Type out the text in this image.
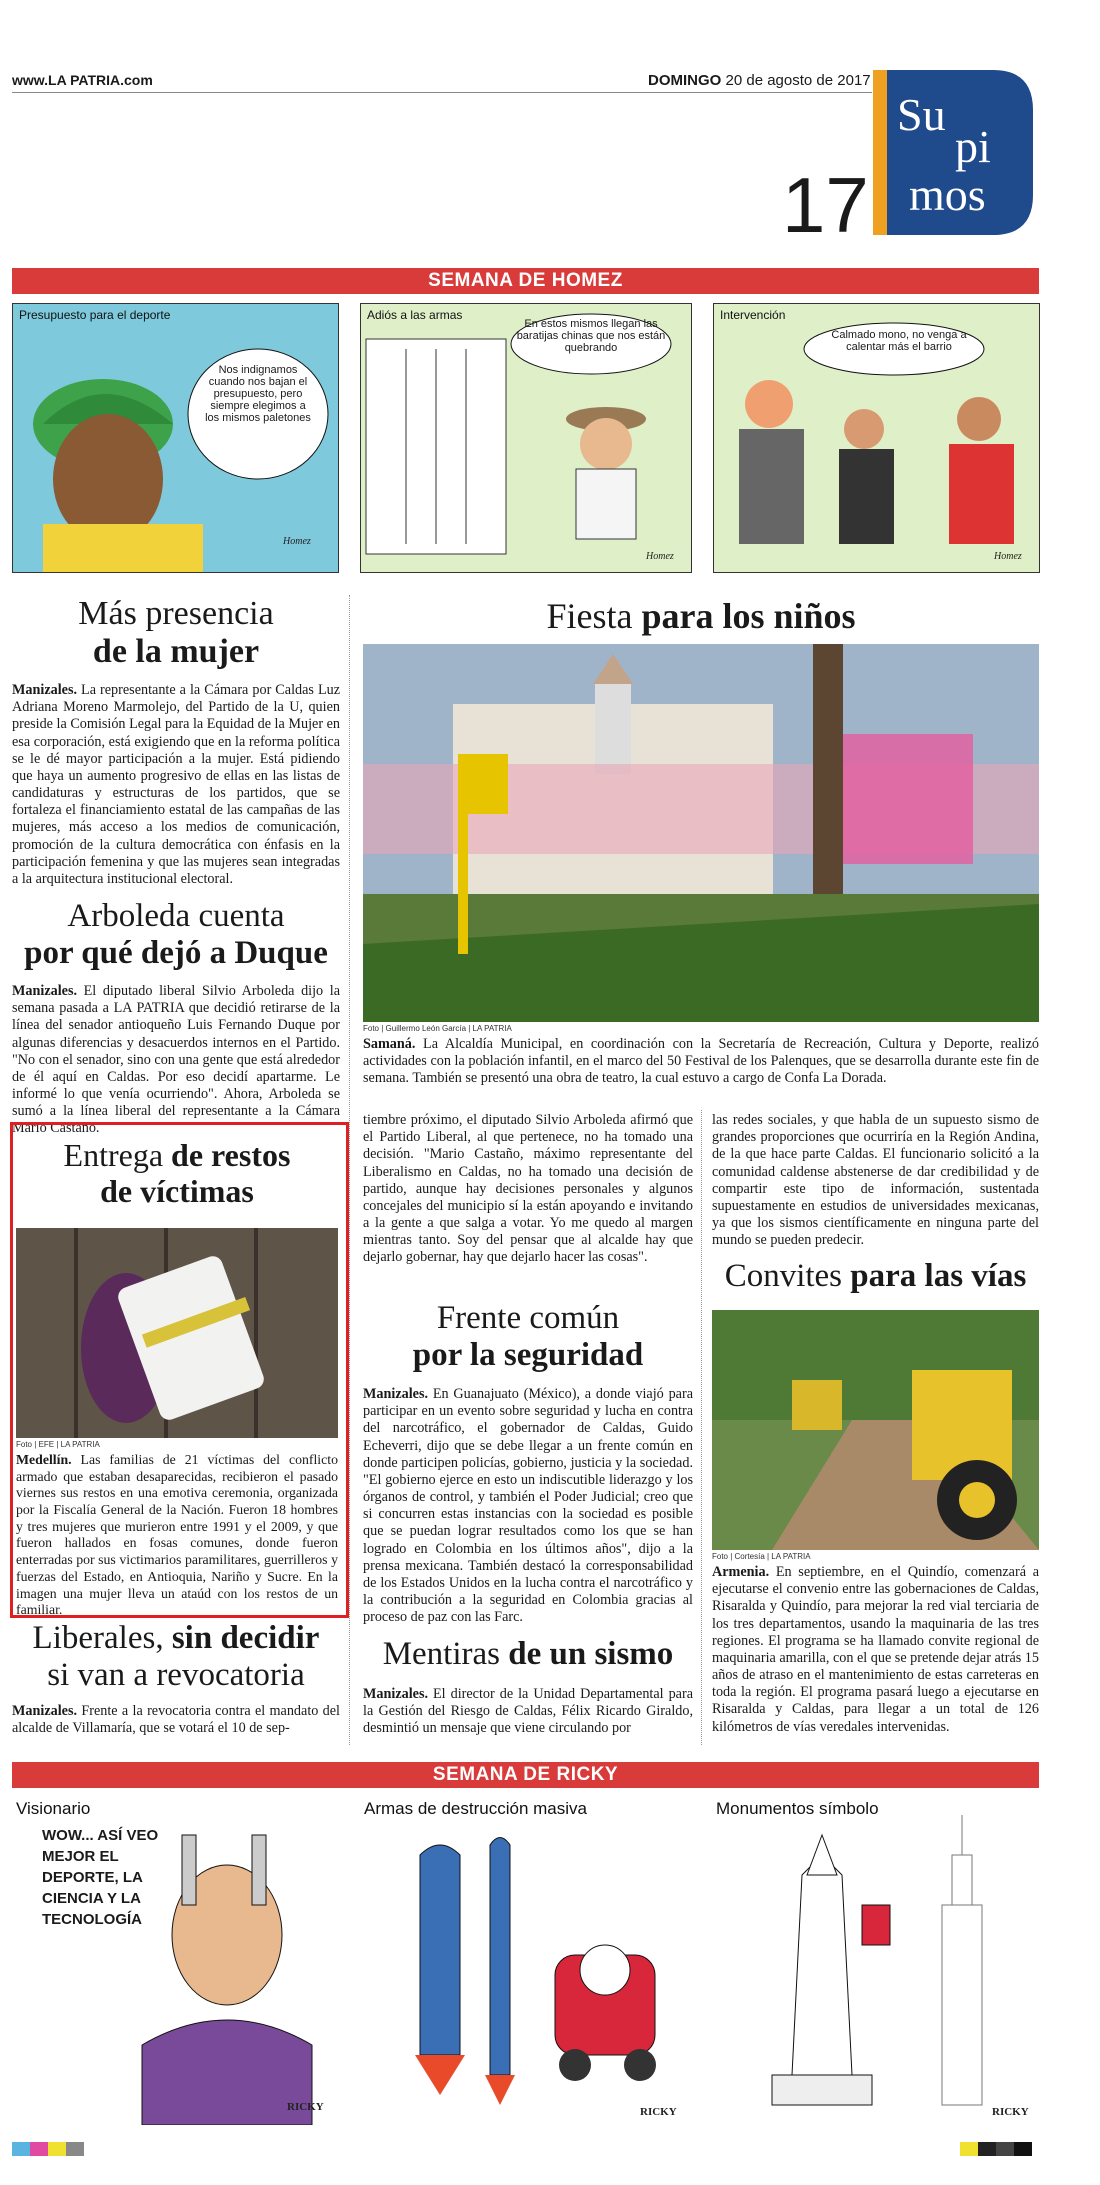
www.LA PATRIA.com	DOMINGO 20 de agosto de 2017
17
Su
pi
mos
SEMANA DE HOMEZ
Presupuesto para el deporte
Homez
Nos indignamos cuando nos bajan el presupuesto, pero siempre elegimos a los mismos paletones
Adiós a las armas
Homez
En estos mismos llegan las baratijas chinas que nos están quebrando
Intervención
Homez
Calmado mono, no venga a calentar más el barrio
Más presencia
de la mujer
Manizales. La representante a la Cámara por Caldas Luz Adriana Moreno Marmolejo, del Partido de la U, quien preside la Comisión Legal para la Equidad de la Mujer en esa corporación, está exigiendo que en la reforma política se le dé mayor participación a la mujer. Está pidiendo que haya un aumento progresivo de ellas en las listas de candidaturas y estructuras de los partidos, que se fortaleza el financiamiento estatal de las campañas de las mujeres, más acceso a los medios de comunicación, promoción de la cultura democrática con énfasis en la participación femenina y que las mujeres sean integradas a la arquitectura institucional electoral.
Arboleda cuenta
por qué dejó a Duque
Manizales. El diputado liberal Silvio Arboleda dijo la semana pasada a LA PATRIA que decidió retirarse de la línea del senador antioqueño Luis Fernando Duque por algunas diferencias y desacuerdos internos en el Partido. "No con el senador, sino con una gente que está alrededor de él aquí en Caldas. Por eso decidí apartarme. Le informé lo que venía ocurriendo". Ahora, Arboleda se sumó a la línea liberal del representante a la Cámara Mario Castaño.
Fiesta para los niños
Foto | Guillermo León García | LA PATRIA
Samaná. La Alcaldía Municipal, en coordinación con la Secretaría de Recreación, Cultura y Deporte, realizó actividades con la población infantil, en el marco del 50 Festival de los Palenques, que se desarrolla durante este fin de semana. También se presentó una obra de teatro, la cual estuvo a cargo de Confa La Dorada.
Entrega de restos
de víctimas
Foto | EFE | LA PATRIA
Medellín. Las familias de 21 víctimas del conflicto armado que estaban desaparecidas, recibieron el pasado viernes sus restos en una emotiva ceremonia, organizada por la Fiscalía General de la Nación. Fueron 18 hombres y tres mujeres que murieron entre 1991 y el 2009, y que fueron hallados en fosas comunes, donde fueron enterradas por sus victimarios paramilitares, guerrilleros y fuerzas del Estado, en Antioquia, Nariño y Sucre. En la imagen una mujer lleva un ataúd con los restos de un familiar.
Liberales, sin decidir
si van a revocatoria
Manizales. Frente a la revocatoria contra el mandato del alcalde de Villamaría, que se votará el 10 de sep-
tiembre próximo, el diputado Silvio Arboleda afirmó que el Partido Liberal, al que pertenece, no ha tomado una decisión. "Mario Castaño, máximo representante del Liberalismo en Caldas, no ha tomado una decisión de partido, aunque hay decisiones personales y algunos concejales del municipio sí la están apoyando e invitando a la gente a que salga a votar. Yo me quedo al margen mientras tanto. Soy del pensar que al alcalde hay que dejarlo gobernar, hay que dejarlo hacer las cosas".
Frente común
por la seguridad
Manizales. En Guanajuato (México), a donde viajó para participar en un evento sobre seguridad y lucha en contra del narcotráfico, el gobernador de Caldas, Guido Echeverri, dijo que se debe llegar a un frente común en donde participen policías, gobierno, justicia y la sociedad. "El gobierno ejerce en esto un indiscutible liderazgo y los órganos de control, y también el Poder Judicial; creo que si concurren estas instancias con la sociedad es posible que se puedan lograr resultados como los que se han logrado en Colombia en los últimos años", dijo a la prensa mexicana. También destacó la corresponsabilidad de los Estados Unidos en la lucha contra el narcotráfico y la contribución a la seguridad en Colombia gracias al proceso de paz con las Farc.
Mentiras de un sismo
Manizales. El director de la Unidad Departamental para la Gestión del Riesgo de Caldas, Félix Ricardo Giraldo, desmintió un mensaje que viene circulando por
las redes sociales, y que habla de un supuesto sismo de grandes proporciones que ocurriría en la Región Andina, de la que hace parte Caldas. El funcionario solicitó a la comunidad caldense abstenerse de dar credibilidad y de compartir este tipo de información, sustentada supuestamente en estudios de universidades mexicanas, ya que los sismos científicamente en ninguna parte del mundo se pueden predecir.
Convites para las vías
Foto | Cortesía | LA PATRIA
Armenia. En septiembre, en el Quindío, comenzará a ejecutarse el convenio entre las gobernaciones de Caldas, Risaralda y Quindío, para mejorar la red vial terciaria de los tres departamentos, usando la maquinaria de las tres regiones. El programa se ha llamado convite regional de maquinaria amarilla, con el que se pretende dejar atrás 15 años de atraso en el mantenimiento de estas carreteras en toda la región. El programa pasará luego a ejecutarse en Risaralda y Caldas, para llegar a un total de 126 kilómetros de vías veredales intervenidas.
SEMANA DE RICKY
Visionario
RICKY
WOW... ASÍ VEO MEJOR EL DEPORTE, LA CIENCIA Y LA TECNOLOGÍA
Armas de destrucción masiva
RICKY
Monumentos símbolo
RICKY
